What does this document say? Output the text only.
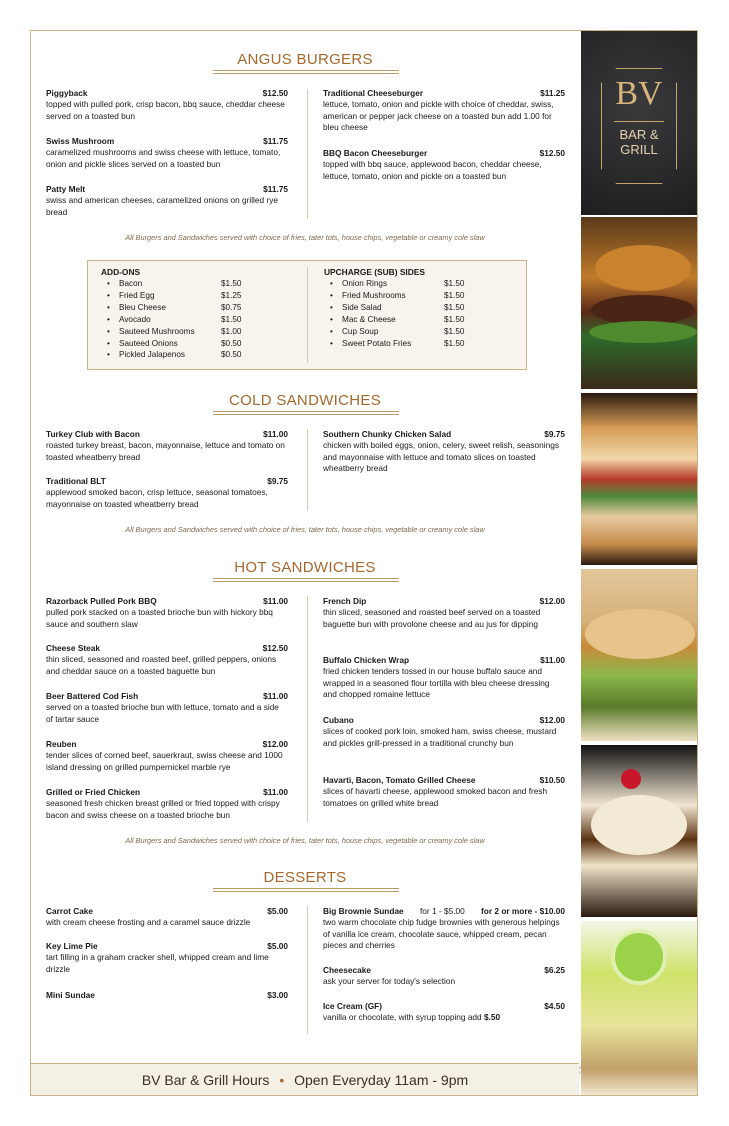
ANGUS BURGERS
Piggyback	$12.50
topped with pulled pork, crisp bacon, bbq sauce, cheddar cheese served on a toasted bun
Swiss Mushroom	$11.75
caramelized mushrooms and swiss cheese with lettuce, tomato, onion and pickle slices served on a toasted bun
Patty Melt	$11.75
swiss and american cheeses, caramelized onions on grilled rye bread
Traditional Cheeseburger	$11.25
lettuce, tomato, onion and pickle with choice of cheddar, swiss, american or pepper jack cheese on a toasted bun add 1.00 for bleu cheese
BBQ Bacon Cheeseburger	$12.50
topped with bbq sauce, applewood bacon, cheddar cheese, lettuce, tomato, onion and pickle on a toasted bun
All Burgers and Sandwiches served with choice of fries, tater tots, house chips, vegetable or creamy cole slaw
ADD-ONS
• Bacon	$1.50
• Fried Egg	$1.25
• Bleu Cheese	$0.75
• Avocado	$1.50
• Sauteed Mushrooms	$1.00
• Sauteed Onions	$0.50
• Pickled Jalapenos	$0.50
UPCHARGE (SUB) SIDES
• Onion Rings	$1.50
• Fried Mushrooms	$1.50
• Side Salad	$1.50
• Mac & Cheese	$1.50
• Cup Soup	$1.50
• Sweet Potato Fries	$1.50
COLD SANDWICHES
Turkey Club with Bacon	$11.00
roasted turkey breast, bacon, mayonnaise, lettuce and tomato on toasted wheatberry bread
Traditional BLT	$9.75
applewood smoked bacon, crisp lettuce, seasonal tomatoes, mayonnaise on toasted wheatberry bread
Southern Chunky Chicken Salad	$9.75
chicken with boiled eggs, onion, celery, sweet relish, seasonings and mayonnaise with lettuce and tomato slices on toasted wheatberry bread
All Burgers and Sandwiches served with choice of fries, tater tots, house chips, vegetable or creamy cole slaw
HOT SANDWICHES
Razorback Pulled Pork BBQ	$11.00
pulled pork stacked on a toasted brioche bun with hickory bbq sauce and southern slaw
Cheese Steak	$12.50
thin sliced, seasoned and roasted beef, grilled peppers, onions and cheddar sauce on a toasted baguette bun
Beer Battered Cod Fish	$11.00
served on a toasted brioche bun with lettuce, tomato and a side of tartar sauce
Reuben	$12.00
tender slices of corned beef, sauerkraut, swiss cheese and 1000 island dressing on grilled pumpernickel marble rye
Grilled or Fried Chicken	$11.00
seasoned fresh chicken breast grilled or fried topped with crispy bacon and swiss cheese on a toasted brioche bun
French Dip	$12.00
thin sliced, seasoned and roasted beef served on a toasted baguette bun with provolone cheese and au jus for dipping
Buffalo Chicken Wrap	$11.00
fried chicken tenders tossed in our house buffalo sauce and wrapped in a seasoned flour tortilla with bleu cheese dressing and chopped romaine lettuce
Cubano	$12.00
slices of cooked pork loin, smoked ham, swiss cheese, mustard and pickles grill-pressed in a traditional crunchy bun
Havarti, Bacon, Tomato Grilled Cheese	$10.50
slices of havarti cheese, applewood smoked bacon and fresh tomatoes on grilled white bread
All Burgers and Sandwiches served with choice of fries, tater tots, house chips, vegetable or creamy cole slaw
DESSERTS
Carrot Cake	$5.00
with cream cheese frosting and a caramel sauce drizzle
Key Lime Pie	$5.00
tart filling in a graham cracker shell, whipped cream and lime drizzle
Mini Sundae	$3.00
Big Brownie Sundae for 1 - $5.00 for 2 or more - $10.00
two warm chocolate chip fudge brownies with generous helpings of vanilla ice cream, chocolate sauce, whipped cream, pecan pieces and cherries
Cheesecake	$6.25
ask your server for today's selection
Ice Cream (GF)	$4.50
vanilla or chocolate, with syrup topping add $.50
BV Bar & Grill Hours • Open Everyday 11am - 9pm
BV
BAR &
GRILL
